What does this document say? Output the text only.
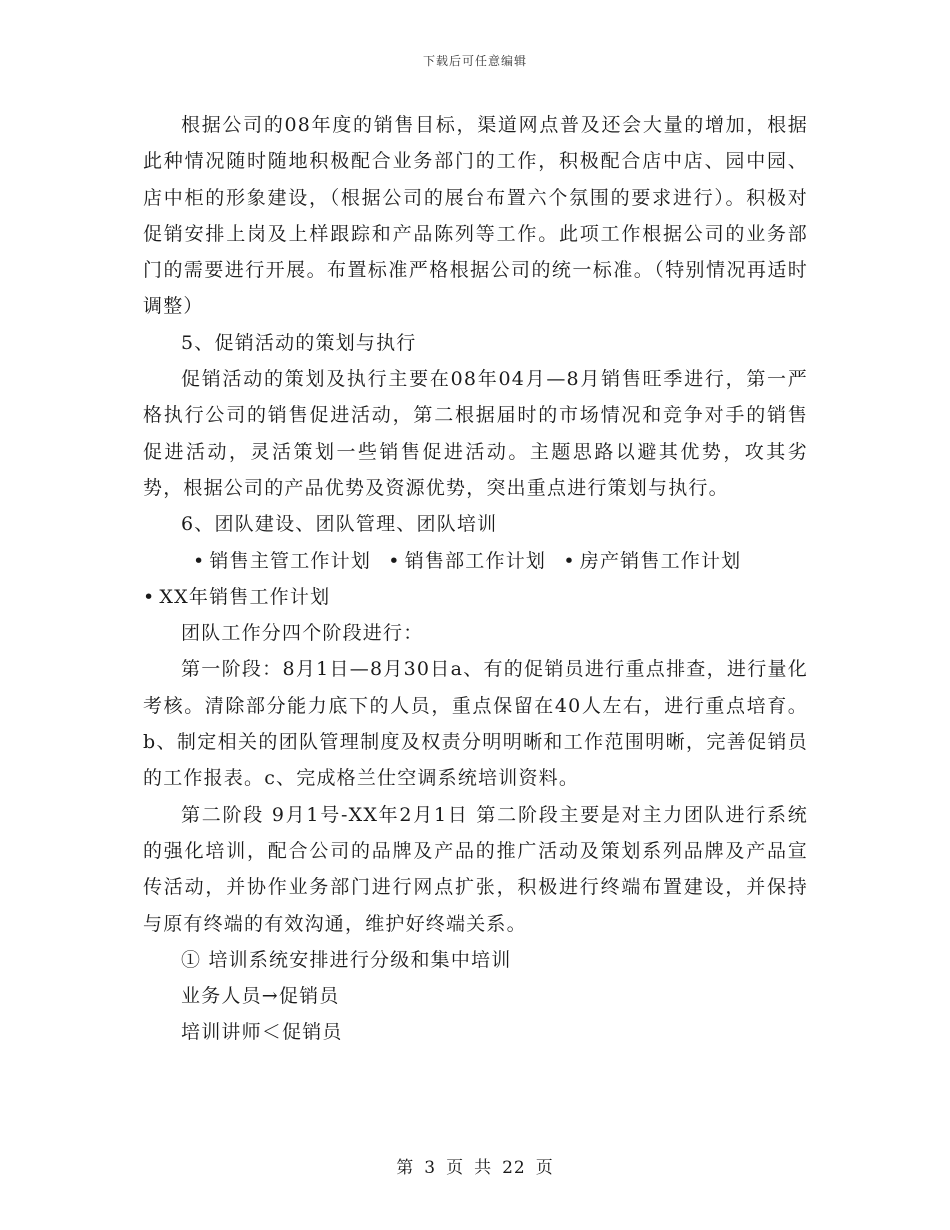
下载后可任意编辑

根据公司的08年度的销售目标，渠道网点普及还会大量的增加，根据此种情况随时随地积极配合业务部门的工作，积极配合店中店、园中园、店中柜的形象建设，（根据公司的展台布置六个氛围的要求进行）。积极对促销安排上岗及上样跟踪和产品陈列等工作。此项工作根据公司的业务部门的需要进行开展。布置标准严格根据公司的统一标准。（特别情况再适时调整）

5、促销活动的策划与执行

促销活动的策划及执行主要在08年04月—8月销售旺季进行，第一严格执行公司的销售促进活动，第二根据届时的市场情况和竞争对手的销售促进活动，灵活策划一些销售促进活动。主题思路以避其优势，攻其劣势，根据公司的产品优势及资源优势，突出重点进行策划与执行。

6、团队建设、团队管理、团队培训

• 销售主管工作计划 • 销售部工作计划 • 房产销售工作计划
• XX年销售工作计划

团队工作分四个阶段进行：

第一阶段：8月1日—8月30日a、有的促销员进行重点排查，进行量化考核。清除部分能力底下的人员，重点保留在40人左右，进行重点培育。b、制定相关的团队管理制度及权责分明明晰和工作范围明晰，完善促销员的工作报表。c、完成格兰仕空调系统培训资料。

第二阶段 9月1号-XX年2月1日 第二阶段主要是对主力团队进行系统的强化培训，配合公司的品牌及产品的推广活动及策划系列品牌及产品宣传活动，并协作业务部门进行网点扩张，积极进行终端布置建设，并保持与原有终端的有效沟通，维护好终端关系。

① 培训系统安排进行分级和集中培训

业务人员→促销员

培训讲师＜促销员

第 3 页 共 22 页
